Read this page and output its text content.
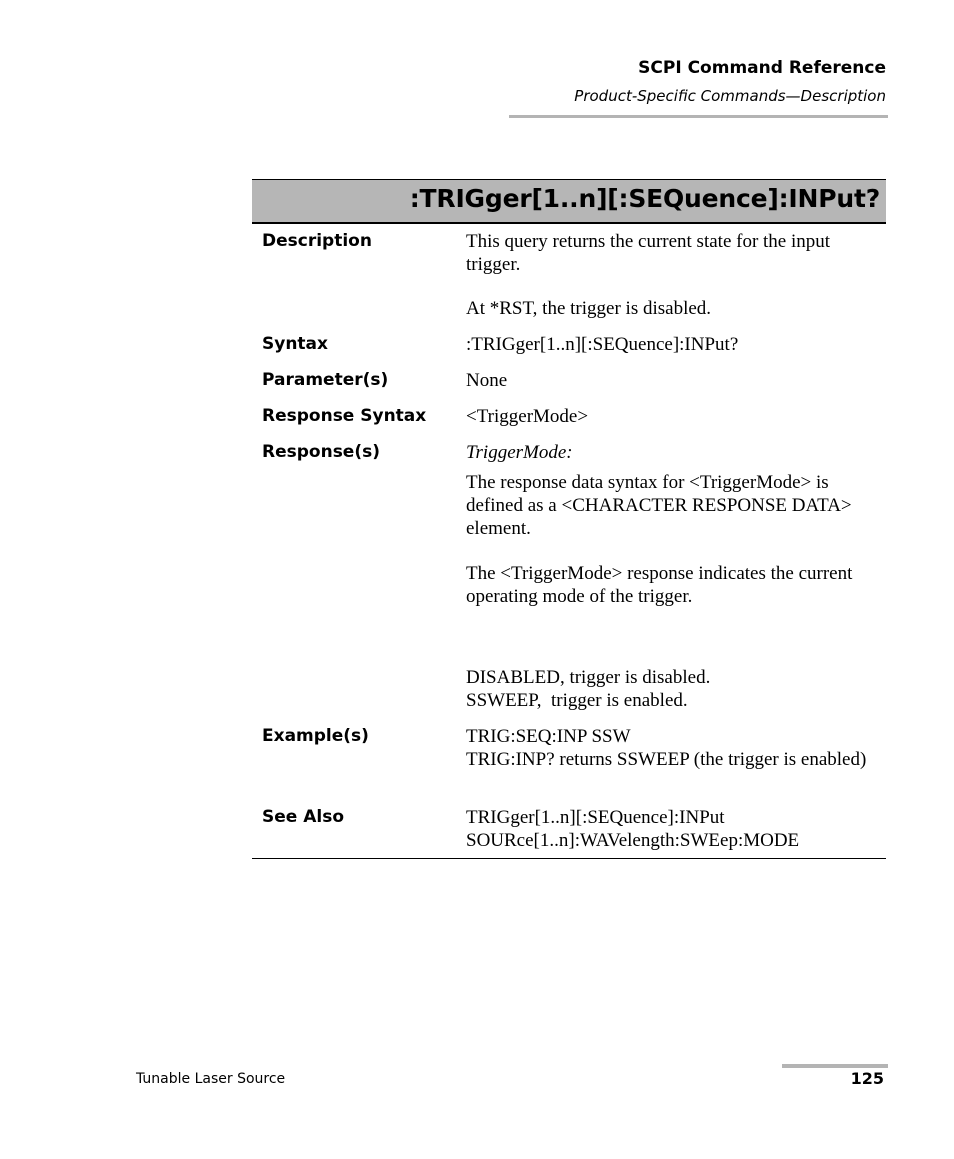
SCPI Command Reference
Product-Specific Commands—Description
:TRIGger[1..n][:SEQuence]:INPut?
Description	This query returns the current state for the input trigger.
At *RST, the trigger is disabled.
Syntax	:TRIGger[1..n][:SEQuence]:INPut?
Parameter(s)	None
Response Syntax <TriggerMode>
Response(s)	TriggerMode:
The response data syntax for <TriggerMode> is defined as a <CHARACTER RESPONSE DATA> element.
The <TriggerMode> response indicates the current operating mode of the trigger.
DISABLED, trigger is disabled.
SSWEEP,  trigger is enabled.
Example(s)	TRIG:SEQ:INP SSW
TRIG:INP? returns SSWEEP (the trigger is enabled)
See Also	TRIGger[1..n][:SEQuence]:INPut
SOURce[1..n]:WAVelength:SWEep:MODE
Tunable Laser Source	125
